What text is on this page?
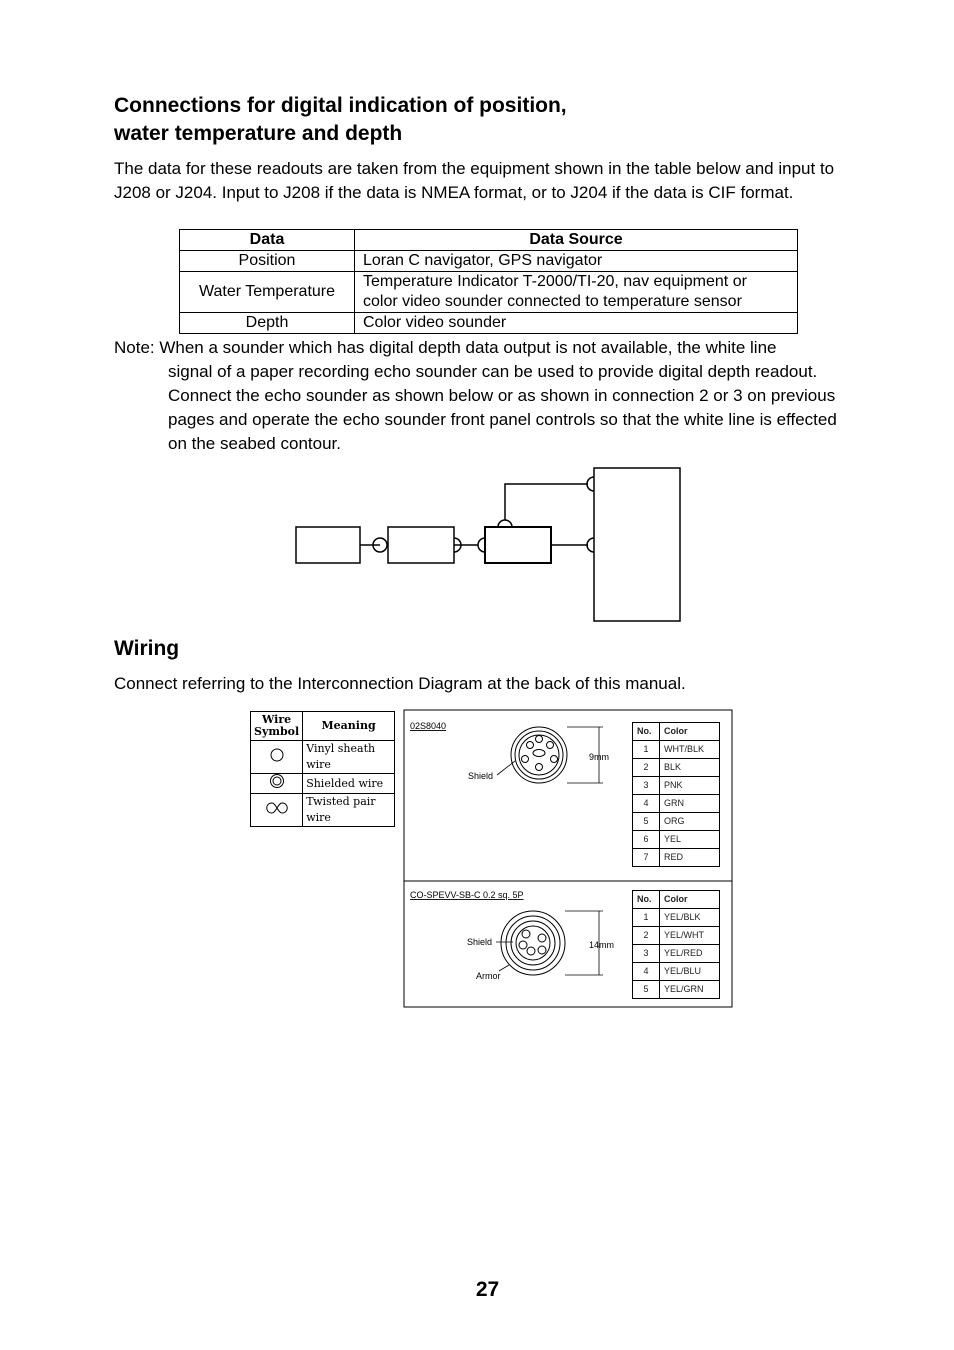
Connections for digital indication of position,
water temperature and depth

The data for these readouts are taken from the equipment shown in the table below and input to J208 or J204. Input to J208 if the data is NMEA format, or to J204 if the data is CIF format.

Data	Data Source
Position	Loran C navigator, GPS navigator
Water Temperature	Temperature Indicator T-2000/TI-20, nav equipment or
color video sounder connected to temperature sensor
Depth	Color video sounder
Note: When a sounder which has digital depth data output is not available, the white line
signal of a paper recording echo sounder can be used to provide digital depth readout. Connect the echo sounder as shown below or as shown in connection 2 or 3 on previous pages and operate the echo sounder front panel controls so that the white line is effected on the seabed contour.
Wiring

Connect referring to the Interconnection Diagram at the back of this manual.

Wire
Symbol	Meaning
	Vinyl sheath wire
	Shielded wire
	Twisted pair wire
02S8040
Shield
9mm
CO-SPEVV-SB-C 0.2 sq. 5P
Shield
Armor
14mm
No.	Color
1	WHT/BLK
2	BLK
3	PNK
4	GRN
5	ORG
6	YEL
7	RED
No.	Color
1	YEL/BLK
2	YEL/WHT
3	YEL/RED
4	YEL/BLU
5	YEL/GRN
27
